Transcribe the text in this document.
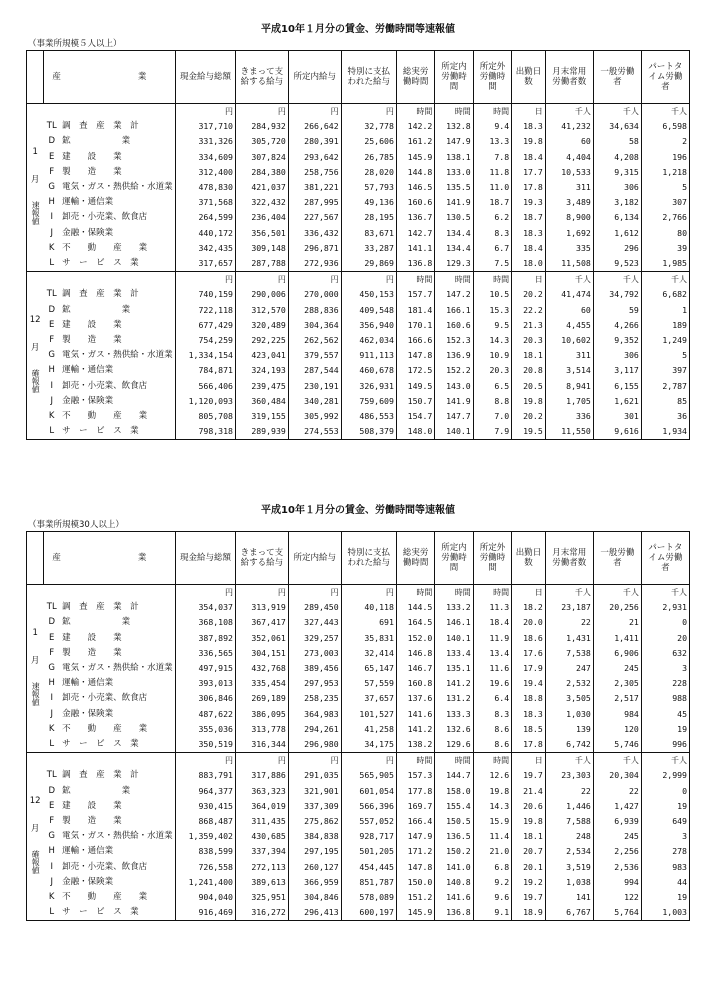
平成10年１月分の賃金、労働時間等速報値
（事業所規模５人以上）
	産　　業		現金給与総額	きまって支給する給与	所定内給与	特別に支払われた給与	総実労働時間	所定内労働時間	所定外労働時間	出勤日数	月末常用労働者数	一般労働者	パートタイム労働者

1

月

速報値			円	円	円	円	時間	時間	時間	日	千人	千人	千人
	TL	調　査　産　業　計	317,710	284,932	266,642	32,778	142.2	132.8	9.4	18.3	41,232	34,634	6,598
	D	鉱　　　　　　業	331,326	305,720	280,391	25,606	161.2	147.9	13.3	19.8	60	58	2
	E	建　　設　　業	334,609	307,824	293,642	26,785	145.9	138.1	7.8	18.4	4,404	4,208	196
	F	製　　造　　業	312,400	284,380	258,756	28,020	144.8	133.0	11.8	17.7	10,533	9,315	1,218
	G	電気・ガス・熱供給・水道業	478,830	421,037	381,221	57,793	146.5	135.5	11.0	17.8	311	306	5
	H	運輸・通信業	371,568	322,432	287,995	49,136	160.6	141.9	18.7	19.3	3,489	3,182	307
	I	卸売・小売業、飲食店	264,599	236,404	227,567	28,195	136.7	130.5	6.2	18.7	8,900	6,134	2,766
	J	金融・保険業	440,172	356,501	336,432	83,671	142.7	134.4	8.3	18.3	1,692	1,612	80
	K	不　　動　　産　　業	342,435	309,148	296,871	33,287	141.1	134.4	6.7	18.4	335	296	39
	L	サ　ー　ビ　ス　業	317,657	287,788	272,936	29,869	136.8	129.3	7.5	18.0	11,508	9,523	1,985

12

月

確報値			円	円	円	円	時間	時間	時間	日	千人	千人	千人
	TL	調　査　産　業　計	740,159	290,006	270,000	450,153	157.7	147.2	10.5	20.2	41,474	34,792	6,682
	D	鉱　　　　　　業	722,118	312,570	288,836	409,548	181.4	166.1	15.3	22.2	60	59	1
	E	建　　設　　業	677,429	320,489	304,364	356,940	170.1	160.6	9.5	21.3	4,455	4,266	189
	F	製　　造　　業	754,259	292,225	262,562	462,034	166.6	152.3	14.3	20.3	10,602	9,352	1,249
	G	電気・ガス・熱供給・水道業	1,334,154	423,041	379,557	911,113	147.8	136.9	10.9	18.1	311	306	5
	H	運輸・通信業	784,871	324,193	287,544	460,678	172.5	152.2	20.3	20.8	3,514	3,117	397
	I	卸売・小売業、飲食店	566,406	239,475	230,191	326,931	149.5	143.0	6.5	20.5	8,941	6,155	2,787
	J	金融・保険業	1,120,093	360,484	340,281	759,609	150.7	141.9	8.8	19.8	1,705	1,621	85
	K	不　　動　　産　　業	805,708	319,155	305,992	486,553	154.7	147.7	7.0	20.2	336	301	36
	L	サ　ー　ビ　ス　業	798,318	289,939	274,553	508,379	148.0	140.1	7.9	19.5	11,550	9,616	1,934
平成10年１月分の賃金、労働時間等速報値
（事業所規模30人以上）
	産　　業		現金給与総額	きまって支給する給与	所定内給与	特別に支払われた給与	総実労働時間	所定内労働時間	所定外労働時間	出勤日数	月末常用労働者数	一般労働者	パートタイム労働者

1

月

速報値			円	円	円	円	時間	時間	時間	日	千人	千人	千人
	TL	調　査　産　業　計	354,037	313,919	289,450	40,118	144.5	133.2	11.3	18.2	23,187	20,256	2,931
	D	鉱　　　　　　業	368,108	367,417	327,443	691	164.5	146.1	18.4	20.0	22	21	0
	E	建　　設　　業	387,892	352,061	329,257	35,831	152.0	140.1	11.9	18.6	1,431	1,411	20
	F	製　　造　　業	336,565	304,151	273,003	32,414	146.8	133.4	13.4	17.6	7,538	6,906	632
	G	電気・ガス・熱供給・水道業	497,915	432,768	389,456	65,147	146.7	135.1	11.6	17.9	247	245	3
	H	運輸・通信業	393,013	335,454	297,953	57,559	160.8	141.2	19.6	19.4	2,532	2,305	228
	I	卸売・小売業、飲食店	306,846	269,189	258,235	37,657	137.6	131.2	6.4	18.8	3,505	2,517	988
	J	金融・保険業	487,622	386,095	364,983	101,527	141.6	133.3	8.3	18.3	1,030	984	45
	K	不　　動　　産　　業	355,036	313,778	294,261	41,258	141.2	132.6	8.6	18.5	139	120	19
	L	サ　ー　ビ　ス　業	350,519	316,344	296,980	34,175	138.2	129.6	8.6	17.8	6,742	5,746	996

12

月

確報値			円	円	円	円	時間	時間	時間	日	千人	千人	千人
	TL	調　査　産　業　計	883,791	317,886	291,035	565,905	157.3	144.7	12.6	19.7	23,303	20,304	2,999
	D	鉱　　　　　　業	964,377	363,323	321,901	601,054	177.8	158.0	19.8	21.4	22	22	0
	E	建　　設　　業	930,415	364,019	337,309	566,396	169.7	155.4	14.3	20.6	1,446	1,427	19
	F	製　　造　　業	868,487	311,435	275,862	557,052	166.4	150.5	15.9	19.8	7,588	6,939	649
	G	電気・ガス・熱供給・水道業	1,359,402	430,685	384,838	928,717	147.9	136.5	11.4	18.1	248	245	3
	H	運輸・通信業	838,599	337,394	297,195	501,205	171.2	150.2	21.0	20.7	2,534	2,256	278
	I	卸売・小売業、飲食店	726,558	272,113	260,127	454,445	147.8	141.0	6.8	20.1	3,519	2,536	983
	J	金融・保険業	1,241,400	389,613	366,959	851,787	150.0	140.8	9.2	19.2	1,038	994	44
	K	不　　動　　産　　業	904,040	325,951	304,846	578,089	151.2	141.6	9.6	19.7	141	122	19
	L	サ　ー　ビ　ス　業	916,469	316,272	296,413	600,197	145.9	136.8	9.1	18.9	6,767	5,764	1,003
